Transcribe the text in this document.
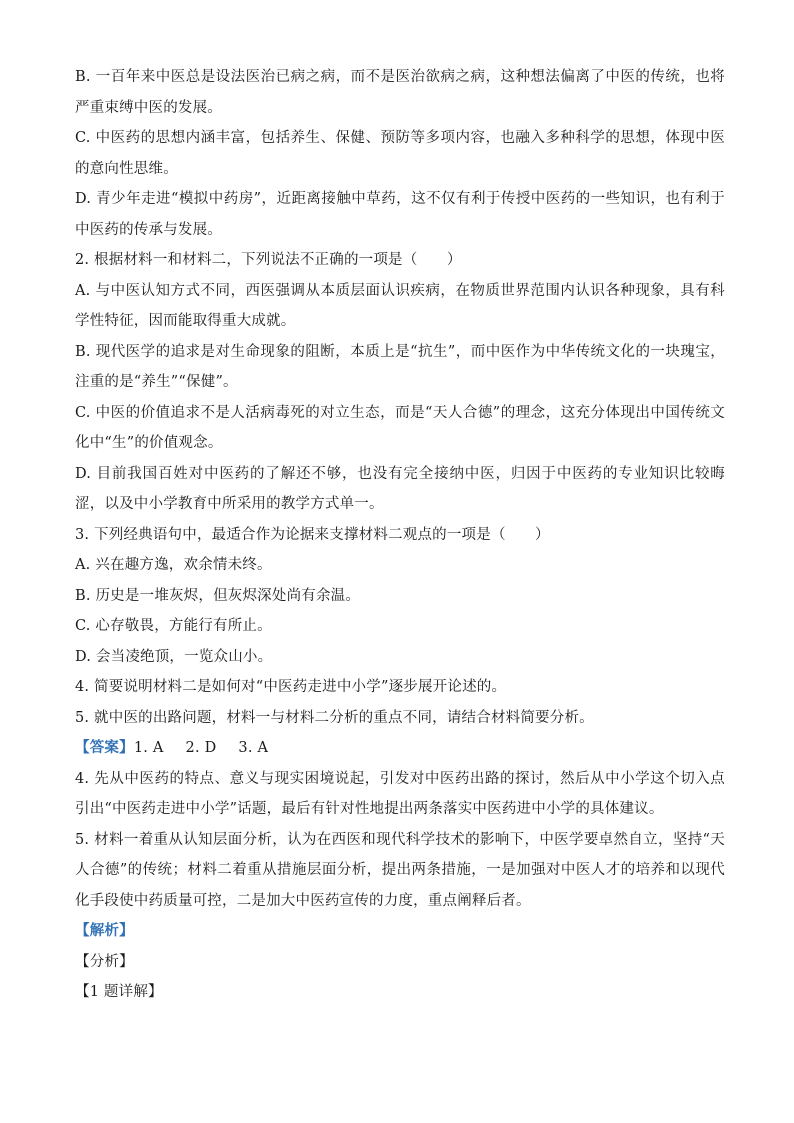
B. 一百年来中医总是设法医治已病之病，而不是医治欲病之病，这种想法偏离了中医的传统，也将严重束缚中医的发展。

C. 中医药的思想内涵丰富，包括养生、保健、预防等多项内容，也融入多种科学的思想，体现中医的意向性思维。

D. 青少年走进“模拟中药房”，近距离接触中草药，这不仅有利于传授中医药的一些知识，也有利于中医药的传承与发展。

2. 根据材料一和材料二，下列说法不正确的一项是（　　）

A. 与中医认知方式不同，西医强调从本质层面认识疾病，在物质世界范围内认识各种现象，具有科学性特征，因而能取得重大成就。

B. 现代医学的追求是对生命现象的阻断，本质上是“抗生”，而中医作为中华传统文化的一块瑰宝，注重的是“养生”“保健”。

C. 中医的价值追求不是人活病毒死的对立生态，而是“天人合德”的理念，这充分体现出中国传统文化中“生”的价值观念。

D. 目前我国百姓对中医药的了解还不够，也没有完全接纳中医，归因于中医药的专业知识比较晦涩，以及中小学教育中所采用的教学方式单一。

3. 下列经典语句中，最适合作为论据来支撑材料二观点的一项是（　　）

A. 兴在趣方逸，欢余情未终。

B. 历史是一堆灰烬，但灰烬深处尚有余温。

C. 心存敬畏，方能行有所止。

D. 会当凌绝顶，一览众山小。

4. 简要说明材料二是如何对“中医药走进中小学”逐步展开论述的。

5. 就中医的出路问题，材料一与材料二分析的重点不同，请结合材料简要分析。

【答案】1. A 2. D 3. A

4. 先从中医药的特点、意义与现实困境说起，引发对中医药出路的探讨，然后从中小学这个切入点引出“中医药走进中小学”话题，最后有针对性地提出两条落实中医药进中小学的具体建议。

5. 材料一着重从认知层面分析，认为在西医和现代科学技术的影响下，中医学要卓然自立，坚持“天人合德”的传统；材料二着重从措施层面分析，提出两条措施，一是加强对中医人才的培养和以现代化手段使中药质量可控，二是加大中医药宣传的力度，重点阐释后者。

【解析】

【分析】

【1 题详解】
